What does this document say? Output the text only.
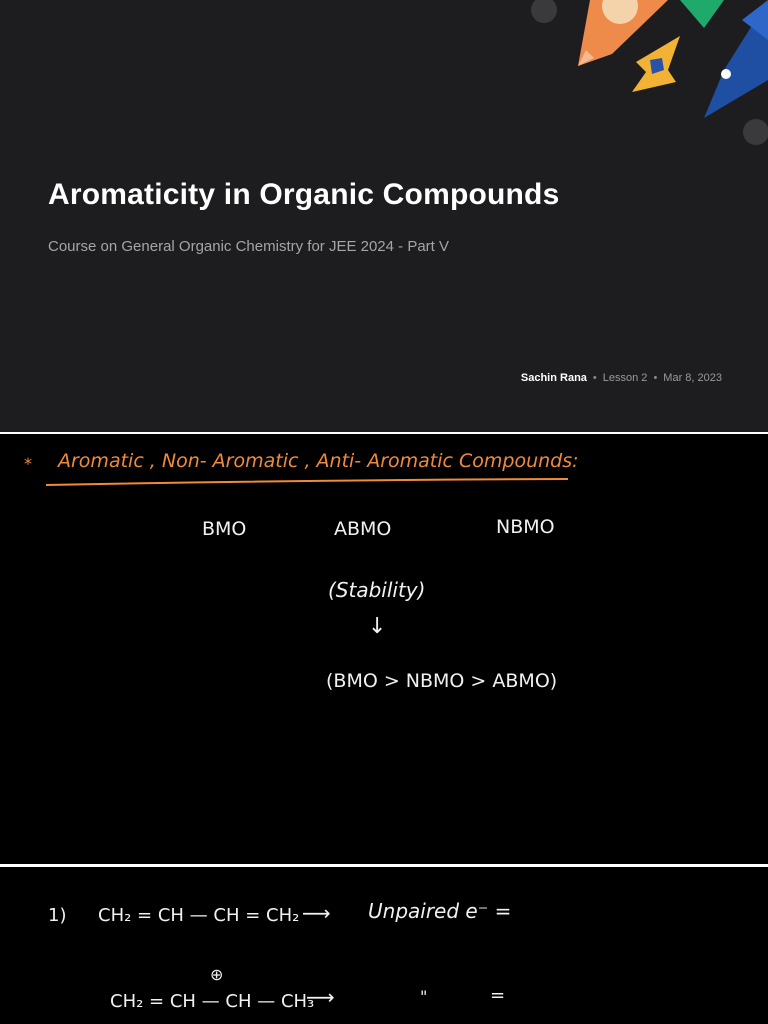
Aromaticity in Organic Compounds

Course on General Organic Chemistry for JEE 2024 - Part V

Sachin Rana • Lesson 2 • Mar 8, 2023

* Aromatic , Non- Aromatic , Anti- Aromatic Compounds:
BMO	ABMO	NBMO
(Stability)
↓
(BMO > NBMO > ABMO)
1) CH₂ = CH — CH = CH₂ ⟶ Unpaired e⁻ =
⊕
CH₂ = CH — CH — CH₃
⟶	"	=
